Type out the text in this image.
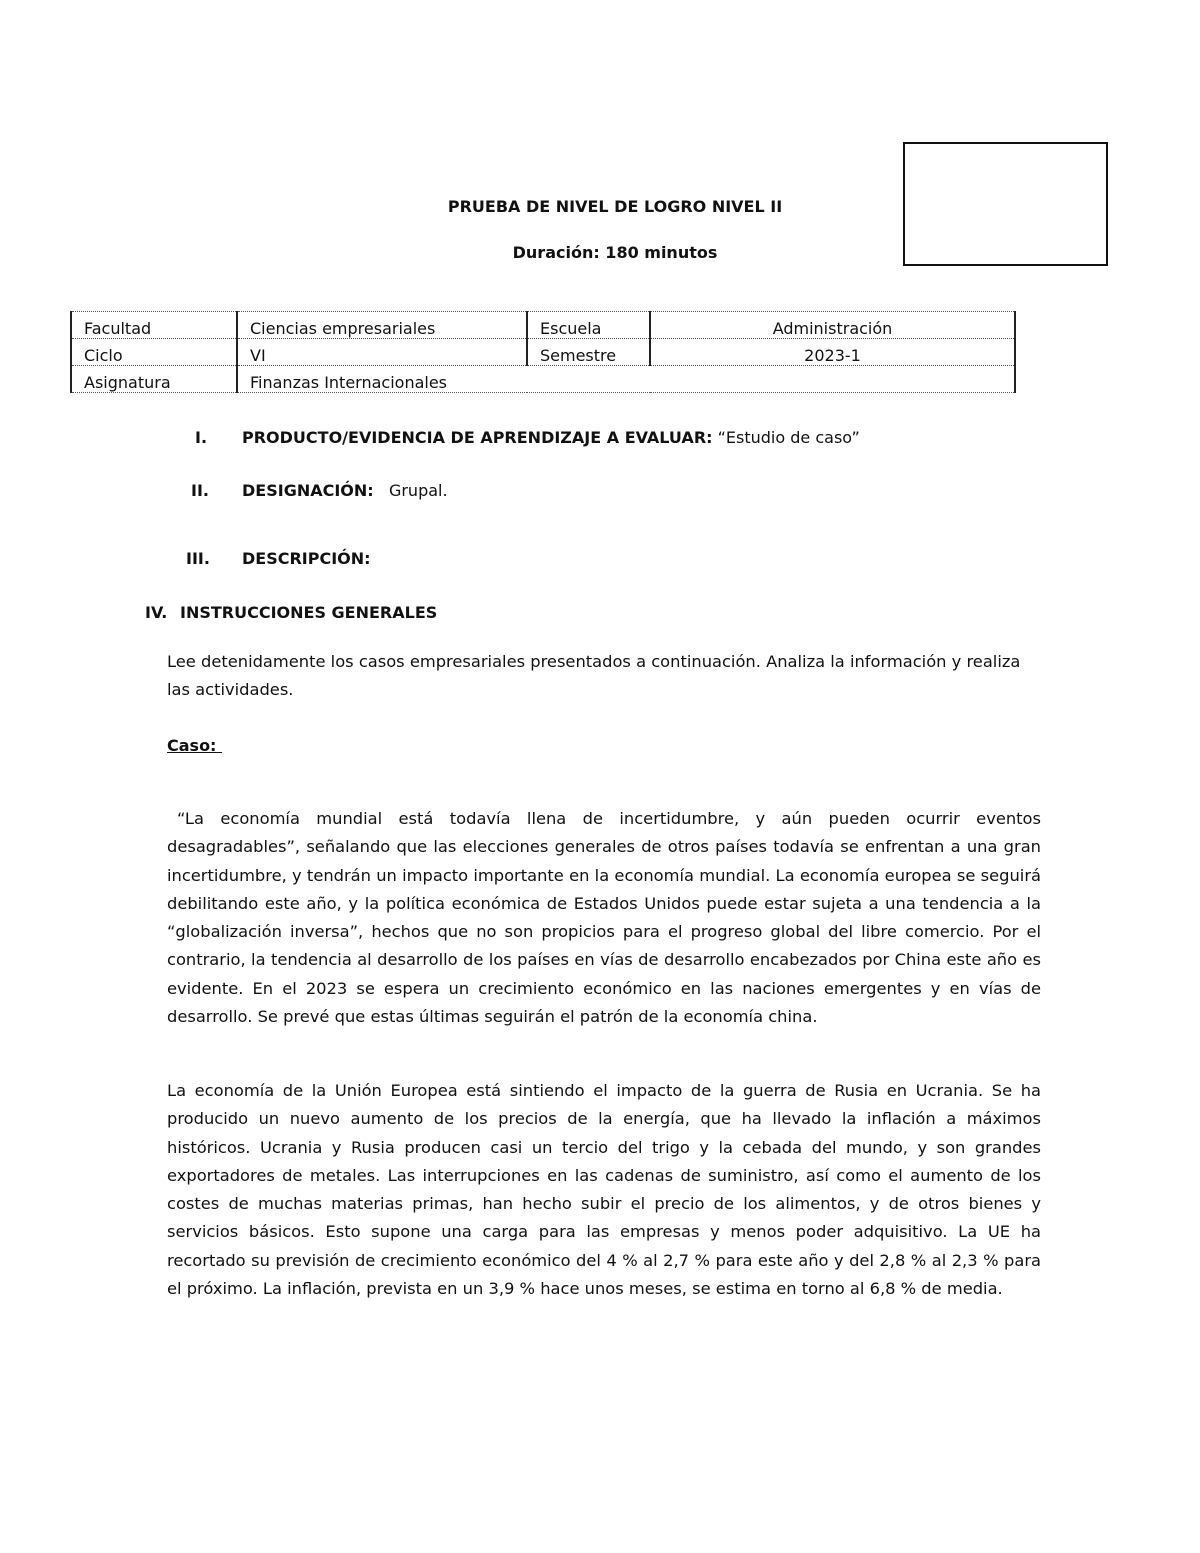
PRUEBA DE NIVEL DE LOGRO NIVEL II
Duración: 180 minutos
Facultad	Ciencias empresariales	Escuela	Administración
Ciclo	VI	Semestre	2023-1
Asignatura	Finanzas Internacionales		
I. PRODUCTO/EVIDENCIA DE APRENDIZAJE A EVALUAR: “Estudio de caso”
II. DESIGNACIÓN: Grupal.
III. DESCRIPCIÓN:
IV. INSTRUCCIONES GENERALES
Lee detenidamente los casos empresariales presentados a continuación. Analiza la información y realiza las actividades.
Caso:
“La economía mundial está todavía llena de incertidumbre, y aún pueden ocurrir eventos desagradables”, señalando que las elecciones generales de otros países todavía se enfrentan a una gran incertidumbre, y tendrán un impacto importante en la economía mundial. La economía europea se seguirá debilitando este año, y la política económica de Estados Unidos puede estar sujeta a una tendencia a la “globalización inversa”, hechos que no son propicios para el progreso global del libre comercio. Por el contrario, la tendencia al desarrollo de los países en vías de desarrollo encabezados por China este año es evidente. En el 2023 se espera un crecimiento económico en las naciones emergentes y en vías de desarrollo. Se prevé que estas últimas seguirán el patrón de la economía china.
La economía de la Unión Europea está sintiendo el impacto de la guerra de Rusia en Ucrania. Se ha producido un nuevo aumento de los precios de la energía, que ha llevado la inflación a máximos históricos. Ucrania y Rusia producen casi un tercio del trigo y la cebada del mundo, y son grandes exportadores de metales. Las interrupciones en las cadenas de suministro, así como el aumento de los costes de muchas materias primas, han hecho subir el precio de los alimentos, y de otros bienes y servicios básicos. Esto supone una carga para las empresas y menos poder adquisitivo. La UE ha recortado su previsión de crecimiento económico del 4 % al 2,7 % para este año y del 2,8 % al 2,3 % para el próximo. La inflación, prevista en un 3,9 % hace unos meses, se estima en torno al 6,8 % de media.
